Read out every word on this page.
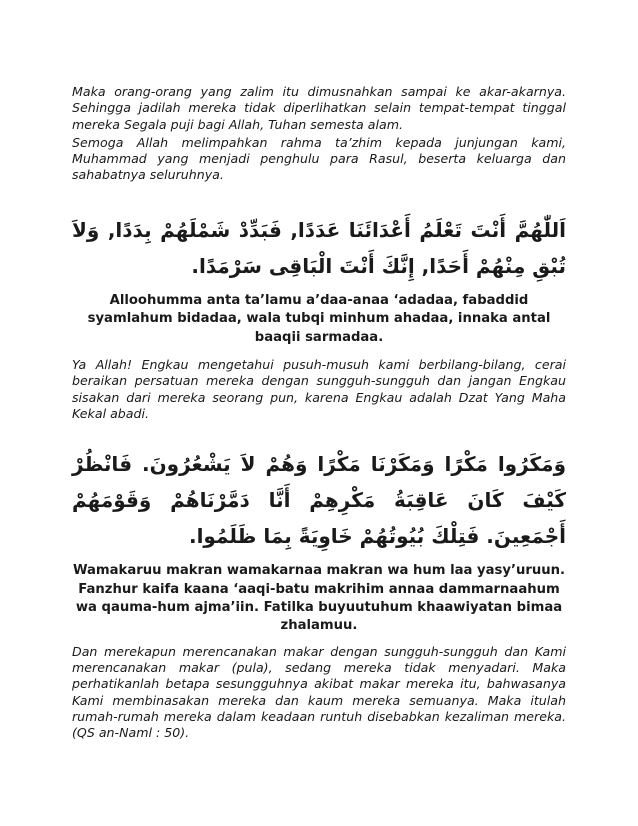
Maka orang-orang yang zalim itu dimusnahkan sampai ke akar-akarnya. Sehingga jadilah mereka tidak diperlihatkan selain tempat-tempat tinggal mereka Segala puji bagi Allah, Tuhan semesta alam.

Semoga Allah melimpahkan rahma ta’zhim kepada junjungan kami, Muhammad yang menjadi penghulu para Rasul, beserta keluarga dan sahabatnya seluruhnya.

اَللّٰهُمَّ أَنْتَ تَعْلَمُ أَعْدَائَنَا عَدَدًا, فَبَدِّدْ شَمْلَهُمْ بِدَدًا, وَلاَ تُبْقِ مِنْهُمْ أَحَدًا, إِنَّكَ أَنْتَ الْبَاقِى سَرْمَدًا.

Alloohumma anta ta’lamu a’daa-anaa ‘adadaa, fabaddid syamlahum bidadaa, wala tubqi minhum ahadaa, innaka antal baaqii sarmadaa.

Ya Allah! Engkau mengetahui pusuh-musuh kami berbilang-bilang, cerai beraikan persatuan mereka dengan sungguh-sungguh dan jangan Engkau sisakan dari mereka seorang pun, karena Engkau adalah Dzat Yang Maha Kekal abadi.

وَمَكَرُوا مَكْرًا وَمَكَرْنَا مَكْرًا وَهُمْ لاَ يَشْعُرُونَ. فَانْظُرْ كَيْفَ كَانَ عَاقِبَةُ مَكْرِهِمْ أَنَّا دَمَّرْنَاهُمْ وَقَوْمَهُمْ أَجْمَعِينَ. فَتِلْكَ بُيُوتُهُمْ خَاوِيَةً بِمَا ظَلَمُوا.

Wamakaruu makran wamakarnaa makran wa hum laa yasy’uruun. Fanzhur kaifa kaana ‘aaqi-batu makrihim annaa dammarnaahum wa qauma-hum ajma’iin. Fatilka buyuutuhum khaawiyatan bimaa zhalamuu.

Dan merekapun merencanakan makar dengan sungguh-sungguh dan Kami merencanakan makar (pula), sedang mereka tidak menyadari. Maka perhatikanlah betapa sesungguhnya akibat makar mereka itu, bahwasanya Kami membinasakan mereka dan kaum mereka semuanya. Maka itulah rumah-rumah mereka dalam keadaan runtuh disebabkan kezaliman mereka. (QS an-Naml : 50).
